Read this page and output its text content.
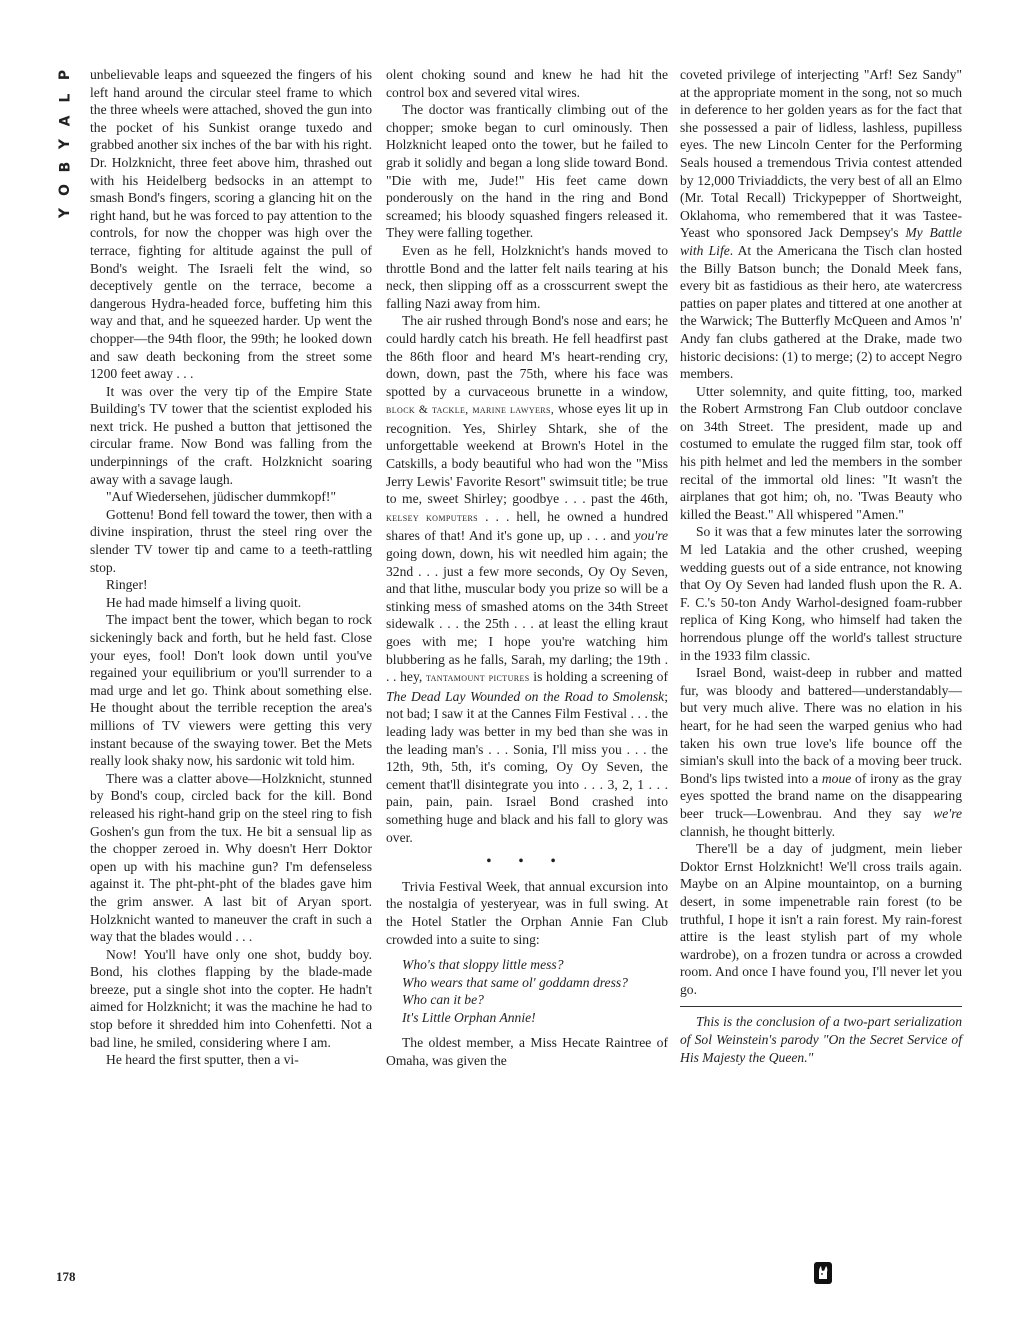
P
L
A
Y
B
O
Y

unbelievable leaps and squeezed the fingers of his left hand around the circular steel frame to which the three wheels were attached, shoved the gun into the pocket of his Sunkist orange tuxedo and grabbed another six inches of the bar with his right. Dr. Holzknicht, three feet above him, thrashed out with his Heidelberg bedsocks in an attempt to smash Bond's fingers, scoring a glancing hit on the right hand, but he was forced to pay attention to the controls, for now the chopper was high over the terrace, fighting for altitude against the pull of Bond's weight. The Israeli felt the wind, so deceptively gentle on the terrace, become a dangerous Hydra-headed force, buffeting him this way and that, and he squeezed harder. Up went the chopper—the 94th floor, the 99th; he looked down and saw death beckoning from the street some 1200 feet away . . .

It was over the very tip of the Empire State Building's TV tower that the scientist exploded his next trick. He pushed a button that jettisoned the circular frame. Now Bond was falling from the underpinnings of the craft. Holzknicht soaring away with a savage laugh.

"Auf Wiedersehen, jüdischer dummkopf!"

Gottenu! Bond fell toward the tower, then with a divine inspiration, thrust the steel ring over the slender TV tower tip and came to a teeth-rattling stop.

Ringer!

He had made himself a living quoit.

The impact bent the tower, which began to rock sickeningly back and forth, but he held fast. Close your eyes, fool! Don't look down until you've regained your equilibrium or you'll surrender to a mad urge and let go. Think about something else. He thought about the terrible reception the area's millions of TV viewers were getting this very instant because of the swaying tower. Bet the Mets really look shaky now, his sardonic wit told him.

There was a clatter above—Holzknicht, stunned by Bond's coup, circled back for the kill. Bond released his right-hand grip on the steel ring to fish Goshen's gun from the tux. He bit a sensual lip as the chopper zeroed in. Why doesn't Herr Doktor open up with his machine gun? I'm defenseless against it. The pht-pht-pht of the blades gave him the grim answer. A last bit of Aryan sport. Holzknicht wanted to maneuver the craft in such a way that the blades would . . .

Now! You'll have only one shot, buddy boy. Bond, his clothes flapping by the blade-made breeze, put a single shot into the copter. He hadn't aimed for Holzknicht; it was the machine he had to stop before it shredded him into Cohenfetti. Not a bad line, he smiled, considering where I am.

He heard the first sputter, then a vi-

olent choking sound and knew he had hit the control box and severed vital wires.

The doctor was frantically climbing out of the chopper; smoke began to curl ominously. Then Holzknicht leaped onto the tower, but he failed to grab it solidly and began a long slide toward Bond. "Die with me, Jude!" His feet came down ponderously on the hand in the ring and Bond screamed; his bloody squashed fingers released it. They were falling together.

Even as he fell, Holzknicht's hands moved to throttle Bond and the latter felt nails tearing at his neck, then slipping off as a crosscurrent swept the falling Nazi away from him.

The air rushed through Bond's nose and ears; he could hardly catch his breath. He fell headfirst past the 86th floor and heard M's heart-rending cry, down, down, past the 75th, where his face was spotted by a curvaceous brunette in a window, block & tackle, marine lawyers, whose eyes lit up in recognition. Yes, Shirley Shtark, she of the unforgettable weekend at Brown's Hotel in the Catskills, a body beautiful who had won the "Miss Jerry Lewis' Favorite Resort" swimsuit title; be true to me, sweet Shirley; goodbye . . . past the 46th, kelsey komputers . . . hell, he owned a hundred shares of that! And it's gone up, up . . . and you're going down, down, his wit needled him again; the 32nd . . . just a few more seconds, Oy Oy Seven, and that lithe, muscular body you prize so will be a stinking mess of smashed atoms on the 34th Street sidewalk . . . the 25th . . . at least the elling kraut goes with me; I hope you're watching him blubbering as he falls, Sarah, my darling; the 19th . . . hey, tantamount pictures is holding a screening of The Dead Lay Wounded on the Road to Smolensk; not bad; I saw it at the Cannes Film Festival . . . the leading lady was better in my bed than she was in the leading man's . . . Sonia, I'll miss you . . . the 12th, 9th, 5th, it's coming, Oy Oy Seven, the cement that'll disintegrate you into . . . 3, 2, 1 . . . pain, pain, pain. Israel Bond crashed into something huge and black and his fall to glory was over.

• • •

Trivia Festival Week, that annual excursion into the nostalgia of yesteryear, was in full swing. At the Hotel Statler the Orphan Annie Fan Club crowded into a suite to sing:

Who's that sloppy little mess?

Who wears that same ol' goddamn dress?

Who can it be?

It's Little Orphan Annie!

The oldest member, a Miss Hecate Raintree of Omaha, was given the

coveted privilege of interjecting "Arf! Sez Sandy" at the appropriate moment in the song, not so much in deference to her golden years as for the fact that she possessed a pair of lidless, lashless, pupilless eyes. The new Lincoln Center for the Performing Seals housed a tremendous Trivia contest attended by 12,000 Triviaddicts, the very best of all an Elmo (Mr. Total Recall) Trickypepper of Shortweight, Oklahoma, who remembered that it was Tastee-Yeast who sponsored Jack Dempsey's My Battle with Life. At the Americana the Tisch clan hosted the Billy Batson bunch; the Donald Meek fans, every bit as fastidious as their hero, ate watercress patties on paper plates and tittered at one another at the Warwick; The Butterfly McQueen and Amos 'n' Andy fan clubs gathered at the Drake, made two historic decisions: (1) to merge; (2) to accept Negro members.

Utter solemnity, and quite fitting, too, marked the Robert Armstrong Fan Club outdoor conclave on 34th Street. The president, made up and costumed to emulate the rugged film star, took off his pith helmet and led the members in the somber recital of the immortal old lines: "It wasn't the airplanes that got him; oh, no. 'Twas Beauty who killed the Beast." All whispered "Amen."

So it was that a few minutes later the sorrowing M led Latakia and the other crushed, weeping wedding guests out of a side entrance, not knowing that Oy Oy Seven had landed flush upon the R. A. F. C.'s 50-ton Andy Warhol-designed foam-rubber replica of King Kong, who himself had taken the horrendous plunge off the world's tallest structure in the 1933 film classic.

Israel Bond, waist-deep in rubber and matted fur, was bloody and battered—understandably—but very much alive. There was no elation in his heart, for he had seen the warped genius who had taken his own true love's life bounce off the simian's skull into the back of a moving beer truck. Bond's lips twisted into a moue of irony as the gray eyes spotted the brand name on the disappearing beer truck—Lowenbrau. And they say we're clannish, he thought bitterly.

There'll be a day of judgment, mein lieber Doktor Ernst Holzknicht! We'll cross trails again. Maybe on an Alpine mountaintop, on a burning desert, in some impenetrable rain forest (to be truthful, I hope it isn't a rain forest. My rain-forest attire is the least stylish part of my whole wardrobe), on a frozen tundra or across a crowded room. And once I have found you, I'll never let you go.

This is the conclusion of a two-part serialization of Sol Weinstein's parody "On the Secret Service of His Majesty the Queen."

178
